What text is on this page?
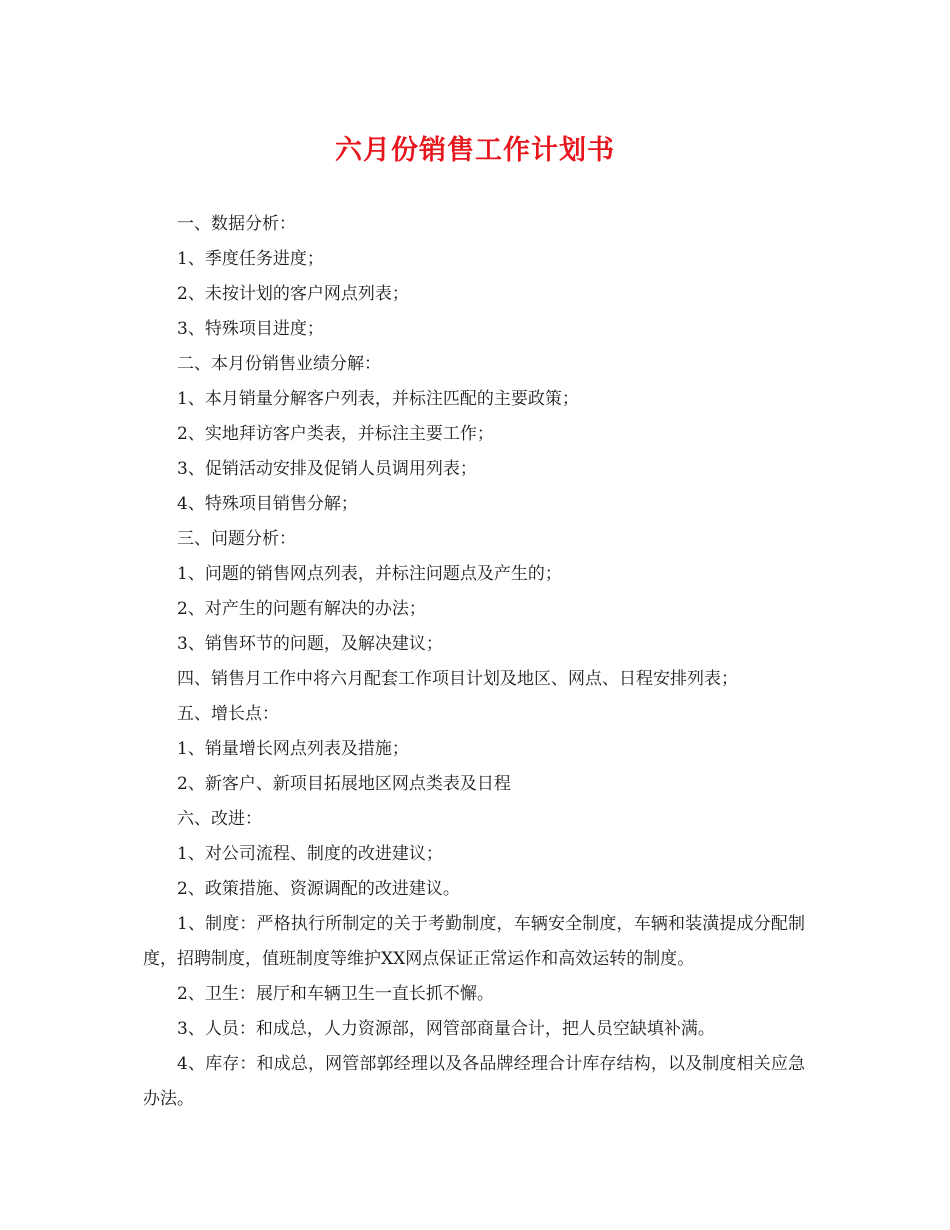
六月份销售工作计划书

一、数据分析：

1、季度任务进度；

2、未按计划的客户网点列表；

3、特殊项目进度；

二、本月份销售业绩分解：

1、本月销量分解客户列表，并标注匹配的主要政策；

2、实地拜访客户类表，并标注主要工作；

3、促销活动安排及促销人员调用列表；

4、特殊项目销售分解；

三、问题分析：

1、问题的销售网点列表，并标注问题点及产生的；

2、对产生的问题有解决的办法；

3、销售环节的问题，及解决建议；

四、销售月工作中将六月配套工作项目计划及地区、网点、日程安排列表；

五、增长点：

1、销量增长网点列表及措施；

2、新客户、新项目拓展地区网点类表及日程

六、改进：

1、对公司流程、制度的改进建议；

2、政策措施、资源调配的改进建议。

1、制度：严格执行所制定的关于考勤制度，车辆安全制度，车辆和装潢提成分配制度，招聘制度，值班制度等维护XX网点保证正常运作和高效运转的制度。

2、卫生：展厅和车辆卫生一直长抓不懈。

3、人员：和成总，人力资源部，网管部商量合计，把人员空缺填补满。

4、库存：和成总，网管部郭经理以及各品牌经理合计库存结构，以及制度相关应急办法。
